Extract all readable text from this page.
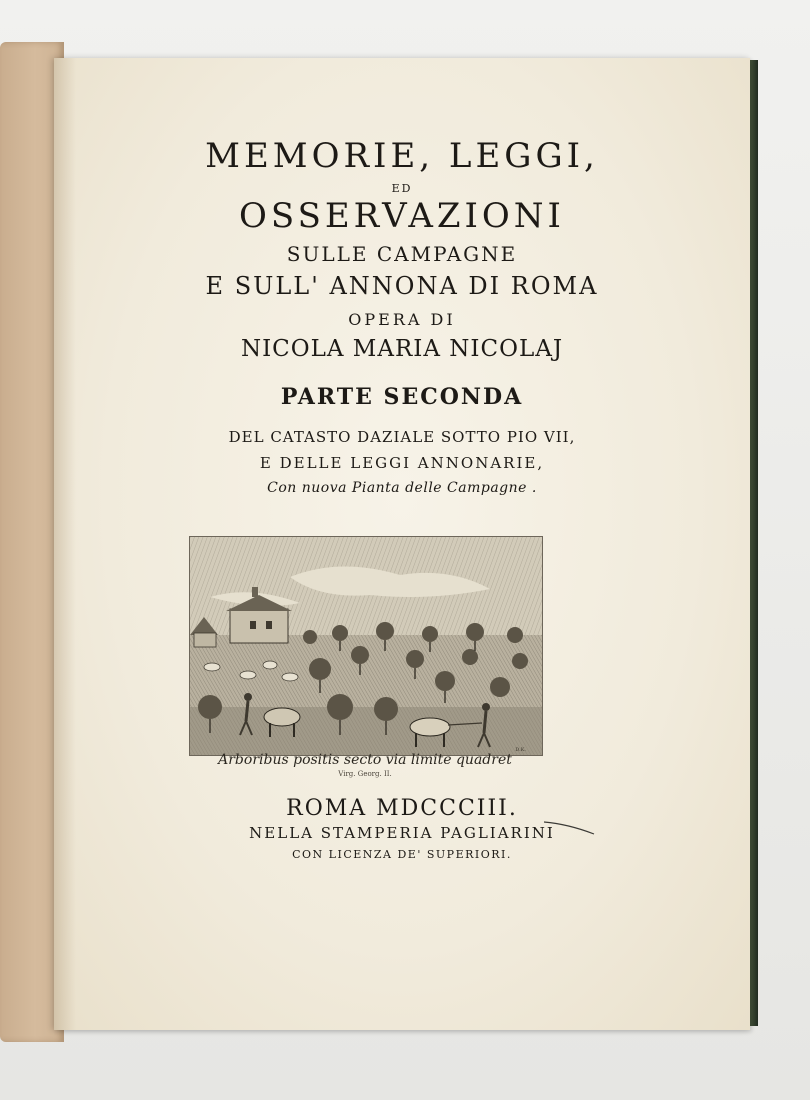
MEMORIE, LEGGI,
ED
OSSERVAZIONI
SULLE CAMPAGNE
E SULL' ANNONA DI ROMA
OPERA DI
NICOLA MARIA NICOLAJ
PARTE SECONDA
DEL CATASTO DAZIALE SOTTO PIO VII,
E DELLE LEGGI ANNONARIE,
Con nuova Pianta delle Campagne .
D.K.
Arboribus positis secto via limite quadret
Virg. Georg. II.
ROMA MDCCCIII.
NELLA STAMPERIA PAGLIARINI
CON LICENZA DE' SUPERIORI.
